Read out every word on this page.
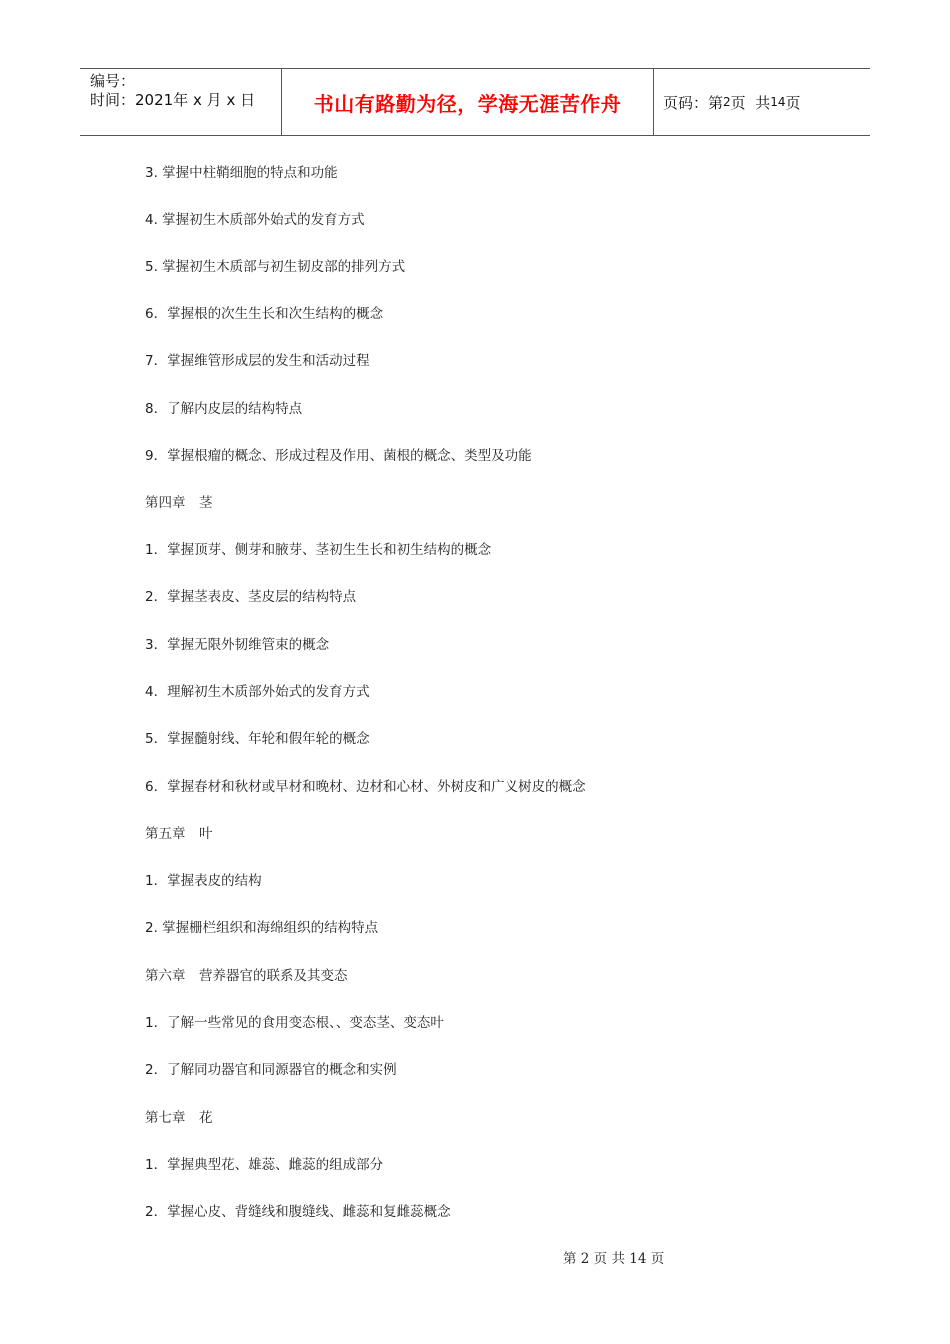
编号：
时间：2021年 x 月 x 日	书山有路勤为径，学海无涯苦作舟	页码：第 2 页
共 14 页
3. 掌握中柱鞘细胞的特点和功能
4. 掌握初生木质部外始式的发育方式
5. 掌握初生木质部与初生韧皮部的排列方式
6．掌握根的次生生长和次生结构的概念
7．掌握维管形成层的发生和活动过程
8．了解内皮层的结构特点
9．掌握根瘤的概念、形成过程及作用、菌根的概念、类型及功能
第四章　茎
1．掌握顶芽、侧芽和腋芽、茎初生生长和初生结构的概念
2．掌握茎表皮、茎皮层的结构特点
3．掌握无限外韧维管束的概念
4．理解初生木质部外始式的发育方式
5．掌握髓射线、年轮和假年轮的概念
6．掌握春材和秋材或早材和晚材、边材和心材、外树皮和广义树皮的概念
第五章　叶
1．掌握表皮的结构
2. 掌握栅栏组织和海绵组织的结构特点
第六章　营养器官的联系及其变态
1．了解一些常见的食用变态根、、变态茎、变态叶
2．了解同功器官和同源器官的概念和实例
第七章　花
1．掌握典型花、雄蕊、雌蕊的组成部分
2．掌握心皮、背缝线和腹缝线、雌蕊和复雌蕊概念
第 2 页 共 14 页
